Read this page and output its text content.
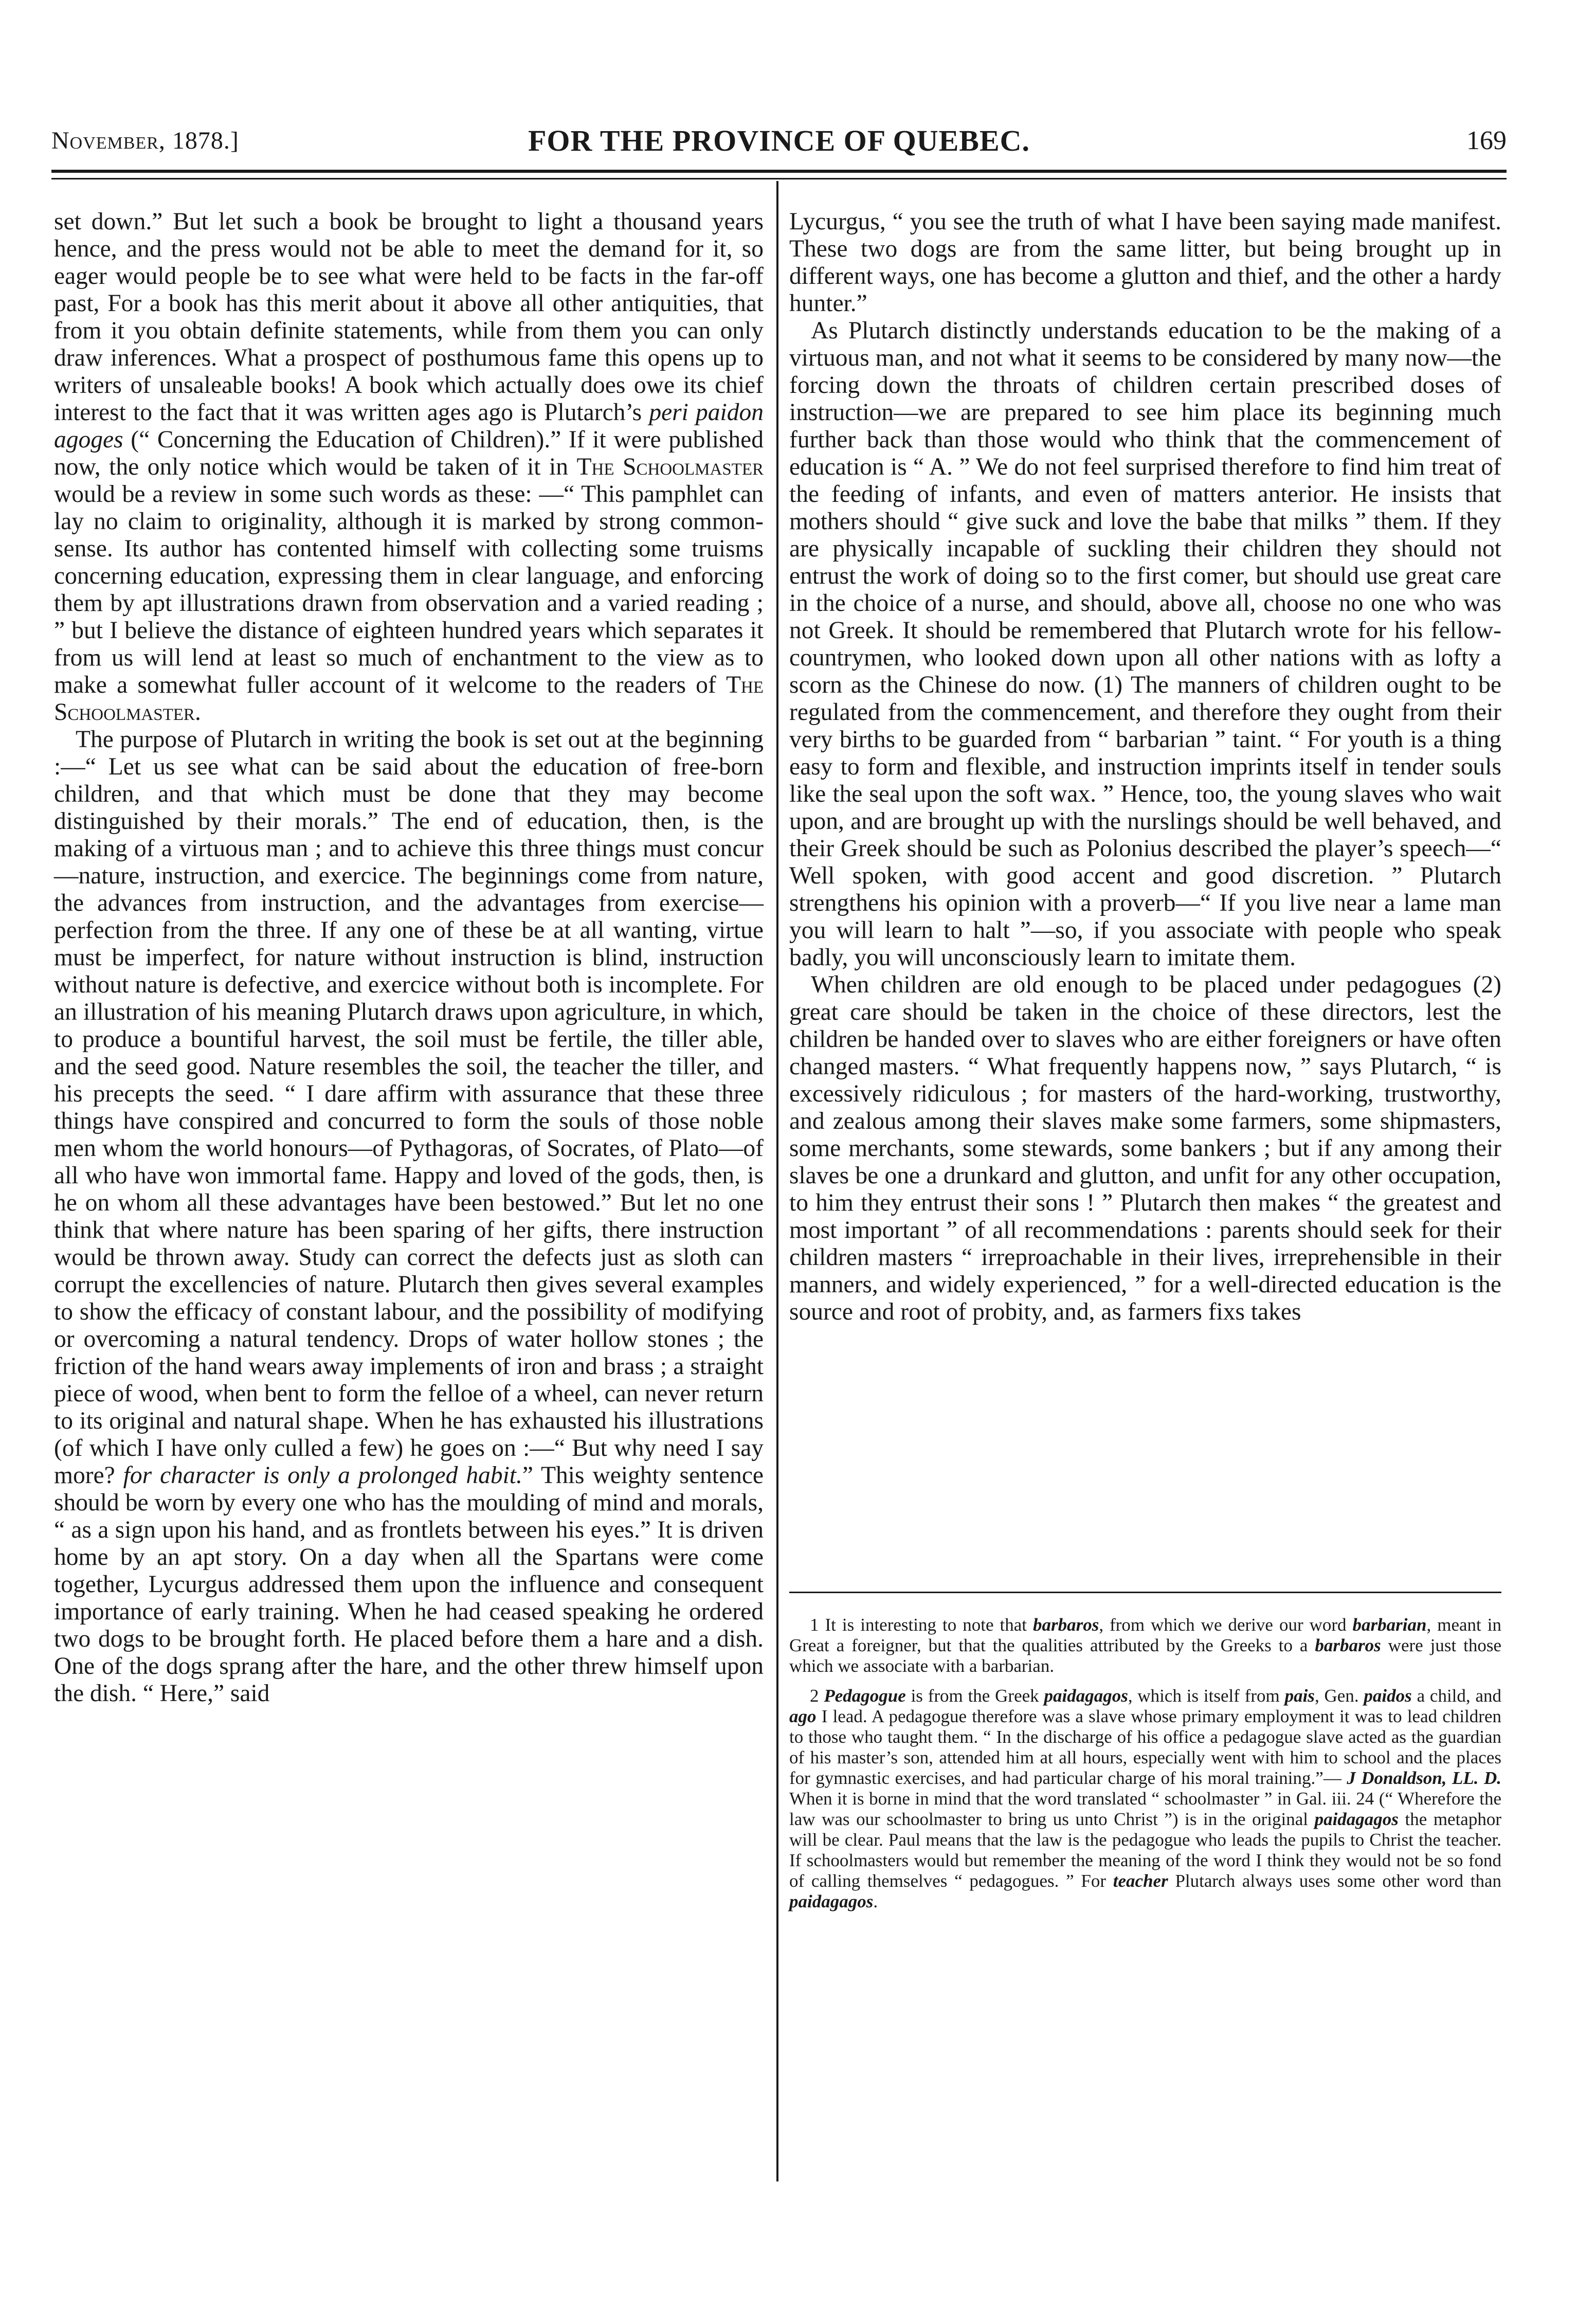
November, 1878.]	FOR THE PROVINCE OF QUEBEC.	169

set down.” But let such a book be brought to light a thousand years hence, and the press would not be able to meet the demand for it, so eager would people be to see what were held to be facts in the far-off past, For a book has this merit about it above all other antiquities, that from it you obtain definite statements, while from them you can only draw inferences. What a prospect of posthumous fame this opens up to writers of unsaleable books! A book which actually does owe its chief interest to the fact that it was written ages ago is Plutarch’s peri paidon agoges (“ Concerning the Education of Children).” If it were published now, the only notice which would be taken of it in The Schoolmaster would be a review in some such words as these: —“ This pamphlet can lay no claim to originality, although it is marked by strong common-sense. Its author has contented himself with collecting some truisms concerning education, expressing them in clear language, and enforcing them by apt illustrations drawn from observation and a varied reading ; ” but I believe the distance of eighteen hundred years which separates it from us will lend at least so much of enchantment to the view as to make a somewhat fuller account of it welcome to the readers of The Schoolmaster.

The purpose of Plutarch in writing the book is set out at the beginning :—“ Let us see what can be said about the education of free-born children, and that which must be done that they may become distinguished by their morals.” The end of education, then, is the making of a virtuous man ; and to achieve this three things must concur—nature, instruction, and exercice. The beginnings come from nature, the advances from instruction, and the advantages from exercise—perfection from the three. If any one of these be at all wanting, virtue must be imperfect, for nature without instruction is blind, instruction without nature is defective, and exercice without both is incomplete. For an illustration of his meaning Plutarch draws upon agriculture, in which, to produce a bountiful harvest, the soil must be fertile, the tiller able, and the seed good. Nature resembles the soil, the teacher the tiller, and his precepts the seed. “ I dare affirm with assurance that these three things have conspired and concurred to form the souls of those noble men whom the world honours—of Pythagoras, of Socrates, of Plato—of all who have won immortal fame. Happy and loved of the gods, then, is he on whom all these advantages have been bestowed.” But let no one think that where nature has been sparing of her gifts, there instruction would be thrown away. Study can correct the defects just as sloth can corrupt the excellencies of nature. Plutarch then gives several examples to show the efficacy of constant labour, and the possibility of modifying or overcoming a natural tendency. Drops of water hollow stones ; the friction of the hand wears away implements of iron and brass ; a straight piece of wood, when bent to form the felloe of a wheel, can never return to its original and natural shape. When he has exhausted his illustrations (of which I have only culled a few) he goes on :—“ But why need I say more? for character is only a prolonged habit.” This weighty sentence should be worn by every one who has the moulding of mind and morals, “ as a sign upon his hand, and as frontlets between his eyes.” It is driven home by an apt story. On a day when all the Spartans were come together, Lycurgus addressed them upon the influence and consequent importance of early training. When he had ceased speaking he ordered two dogs to be brought forth. He placed before them a hare and a dish. One of the dogs sprang after the hare, and the other threw himself upon the dish. “ Here,” said

Lycurgus, “ you see the truth of what I have been saying made manifest. These two dogs are from the same litter, but being brought up in different ways, one has become a glutton and thief, and the other a hardy hunter.”

As Plutarch distinctly understands education to be the making of a virtuous man, and not what it seems to be considered by many now—the forcing down the throats of children certain prescribed doses of instruction—we are prepared to see him place its beginning much further back than those would who think that the commencement of education is “ A. ” We do not feel surprised therefore to find him treat of the feeding of infants, and even of matters anterior. He insists that mothers should “ give suck and love the babe that milks ” them. If they are physically incapable of suckling their children they should not entrust the work of doing so to the first comer, but should use great care in the choice of a nurse, and should, above all, choose no one who was not Greek. It should be remembered that Plutarch wrote for his fellow-countrymen, who looked down upon all other nations with as lofty a scorn as the Chinese do now. (1) The manners of children ought to be regulated from the commencement, and therefore they ought from their very births to be guarded from “ barbarian ” taint. “ For youth is a thing easy to form and flexible, and instruction imprints itself in tender souls like the seal upon the soft wax. ” Hence, too, the young slaves who wait upon, and are brought up with the nurslings should be well behaved, and their Greek should be such as Polonius described the player’s speech—“ Well spoken, with good accent and good discretion. ” Plutarch strengthens his opinion with a proverb—“ If you live near a lame man you will learn to halt ”—so, if you associate with people who speak badly, you will unconsciously learn to imitate them.

When children are old enough to be placed under pedagogues (2) great care should be taken in the choice of these directors, lest the children be handed over to slaves who are either foreigners or have often changed masters. “ What frequently happens now, ” says Plutarch, “ is excessively ridiculous ; for masters of the hard-working, trustworthy, and zealous among their slaves make some farmers, some shipmasters, some merchants, some stewards, some bankers ; but if any among their slaves be one a drunkard and glutton, and unfit for any other occupation, to him they entrust their sons ! ” Plutarch then makes “ the greatest and most important ” of all recommendations : parents should seek for their children masters “ irreproachable in their lives, irreprehensible in their manners, and widely experienced, ” for a well-directed education is the source and root of probity, and, as farmers fixs takes

1 It is interesting to note that barbaros, from which we derive our word barbarian, meant in Great a foreigner, but that the qualities attributed by the Greeks to a barbaros were just those which we associate with a barbarian.

2 Pedagogue is from the Greek paidagagos, which is itself from pais, Gen. paidos a child, and ago I lead. A pedagogue therefore was a slave whose primary employment it was to lead children to those who taught them. “ In the discharge of his office a pedagogue slave acted as the guardian of his master’s son, attended him at all hours, especially went with him to school and the places for gymnastic exercises, and had particular charge of his moral training.”— J Donaldson, LL. D. When it is borne in mind that the word translated “ schoolmaster ” in Gal. iii. 24 (“ Wherefore the law was our schoolmaster to bring us unto Christ ”) is in the original paidagagos the metaphor will be clear. Paul means that the law is the pedagogue who leads the pupils to Christ the teacher. If schoolmasters would but remember the meaning of the word I think they would not be so fond of calling themselves “ pedagogues. ” For teacher Plutarch always uses some other word than paidagagos.
